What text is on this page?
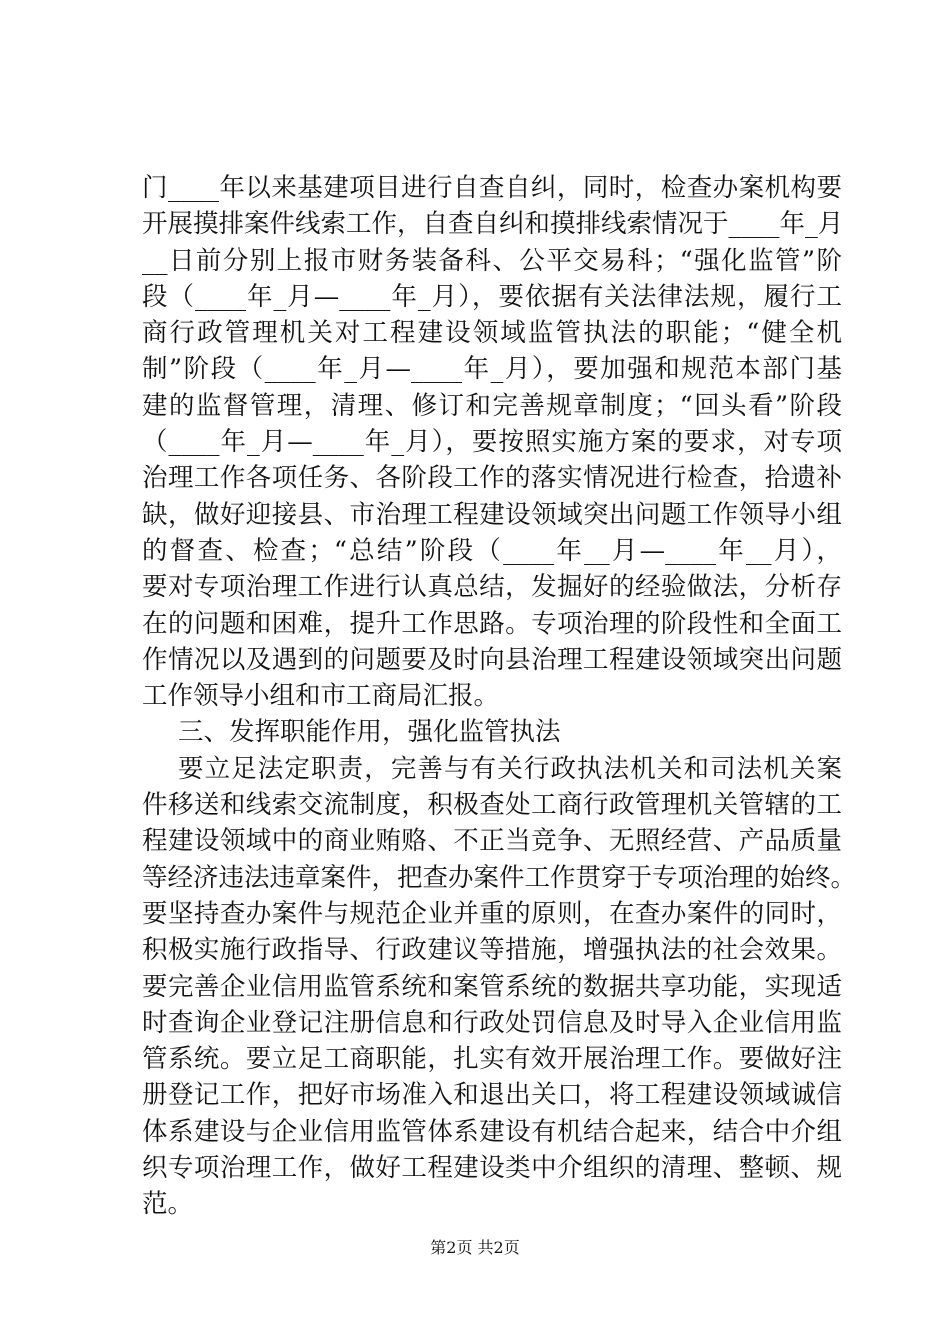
门____年以来基建项目进行自查自纠，同时，检查办案机构要
开展摸排案件线索工作，自查自纠和摸排线索情况于____年_月
__日前分别上报市财务装备科、公平交易科；“强化监管”阶
段（____年_月—____年_月），要依据有关法律法规，履行工
商行政管理机关对工程建设领域监管执法的职能；“健全机
制”阶段（____年_月—____年_月），要加强和规范本部门基
建的监督管理，清理、修订和完善规章制度；“回头看”阶段
（____年_月—____年_月），要按照实施方案的要求，对专项
治理工作各项任务、各阶段工作的落实情况进行检查，拾遗补
缺，做好迎接县、市治理工程建设领域突出问题工作领导小组
的督查、检查；“总结”阶段（____年__月—____年__月），
要对专项治理工作进行认真总结，发掘好的经验做法，分析存
在的问题和困难，提升工作思路。专项治理的阶段性和全面工
作情况以及遇到的问题要及时向县治理工程建设领域突出问题
工作领导小组和市工商局汇报。
三、发挥职能作用，强化监管执法
要立足法定职责，完善与有关行政执法机关和司法机关案
件移送和线索交流制度，积极查处工商行政管理机关管辖的工
程建设领域中的商业贿赂、不正当竞争、无照经营、产品质量
等经济违法违章案件，把查办案件工作贯穿于专项治理的始终。
要坚持查办案件与规范企业并重的原则，在查办案件的同时，
积极实施行政指导、行政建议等措施，增强执法的社会效果。
要完善企业信用监管系统和案管系统的数据共享功能，实现适
时查询企业登记注册信息和行政处罚信息及时导入企业信用监
管系统。要立足工商职能，扎实有效开展治理工作。要做好注
册登记工作，把好市场准入和退出关口，将工程建设领域诚信
体系建设与企业信用监管体系建设有机结合起来，结合中介组
织专项治理工作，做好工程建设类中介组织的清理、整顿、规
范。
第2页 共2页
